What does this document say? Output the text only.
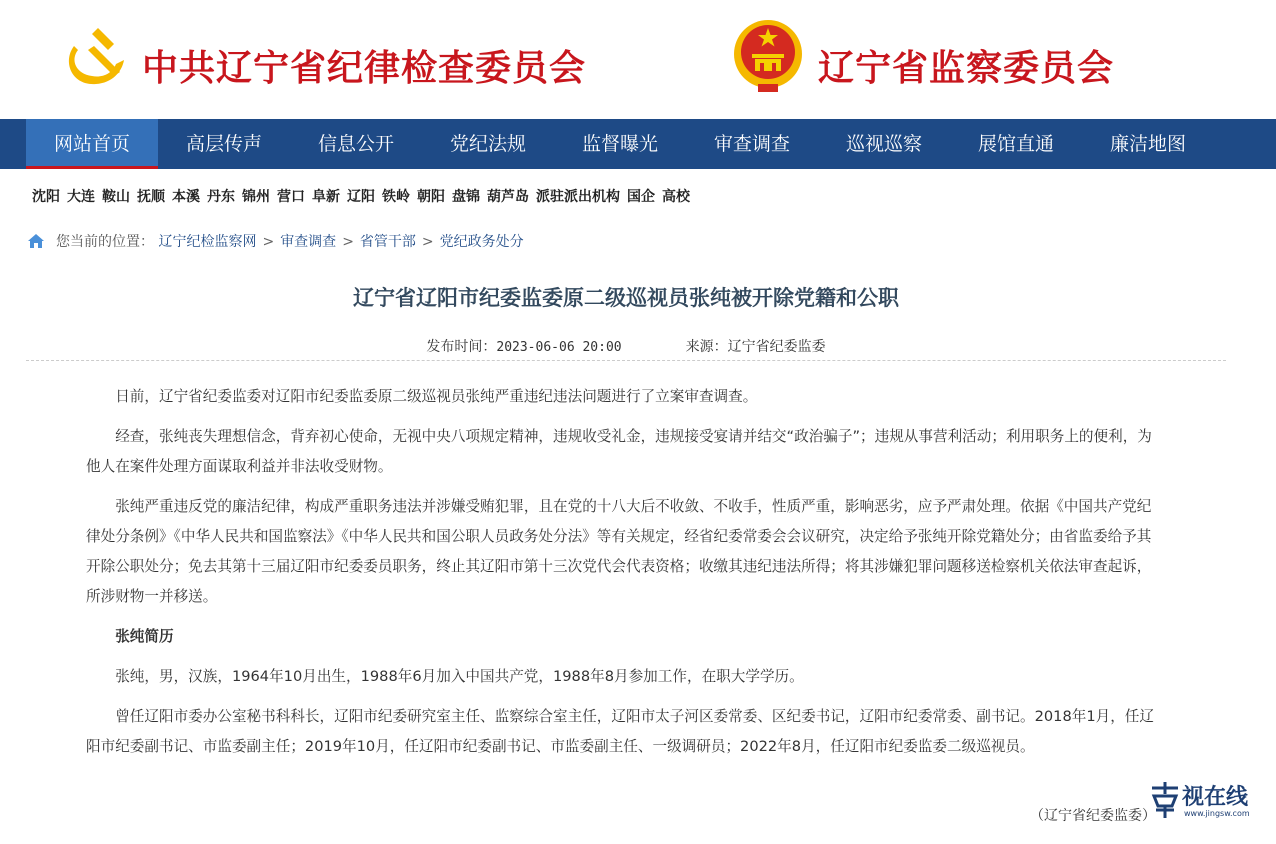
中共辽宁省纪律检查委员会	辽宁省监察委员会
网站首页	高层传声	信息公开	党纪法规	监督曝光	审查调查	巡视巡察	展馆直通	廉洁地图
沈阳 大连 鞍山 抚顺 本溪 丹东 锦州 营口 阜新 辽阳 铁岭 朝阳 盘锦 葫芦岛 派驻派出机构 国企 高校
您当前的位置： 辽宁纪检监察网 > 审查调查 > 省管干部 > 党纪政务处分
辽宁省辽阳市纪委监委原二级巡视员张纯被开除党籍和公职
发布时间：2023-06-06 20:00	来源：辽宁省纪委监委

日前，辽宁省纪委监委对辽阳市纪委监委原二级巡视员张纯严重违纪违法问题进行了立案审查调查。

经查，张纯丧失理想信念，背弃初心使命，无视中央八项规定精神，违规收受礼金，违规接受宴请并结交“政治骗子”；违规从事营利活动；利用职务上的便利，为他人在案件处理方面谋取利益并非法收受财物。

张纯严重违反党的廉洁纪律，构成严重职务违法并涉嫌受贿犯罪，且在党的十八大后不收敛、不收手，性质严重，影响恶劣，应予严肃处理。依据《中国共产党纪律处分条例》《中华人民共和国监察法》《中华人民共和国公职人员政务处分法》等有关规定，经省纪委常委会会议研究，决定给予张纯开除党籍处分；由省监委给予其开除公职处分；免去其第十三届辽阳市纪委委员职务，终止其辽阳市第十三次党代会代表资格；收缴其违纪违法所得；将其涉嫌犯罪问题移送检察机关依法审查起诉，所涉财物一并移送。

张纯简历

张纯，男，汉族，1964年10月出生，1988年6月加入中国共产党，1988年8月参加工作，在职大学学历。

曾任辽阳市委办公室秘书科科长，辽阳市纪委研究室主任、监察综合室主任，辽阳市太子河区委常委、区纪委书记，辽阳市纪委常委、副书记。2018年1月，任辽阳市纪委副书记、市监委副主任；2019年10月，任辽阳市纪委副书记、市监委副主任、一级调研员；2022年8月，任辽阳市纪委监委二级巡视员。

（辽宁省纪委监委）
视在线
www.jingsw.com
